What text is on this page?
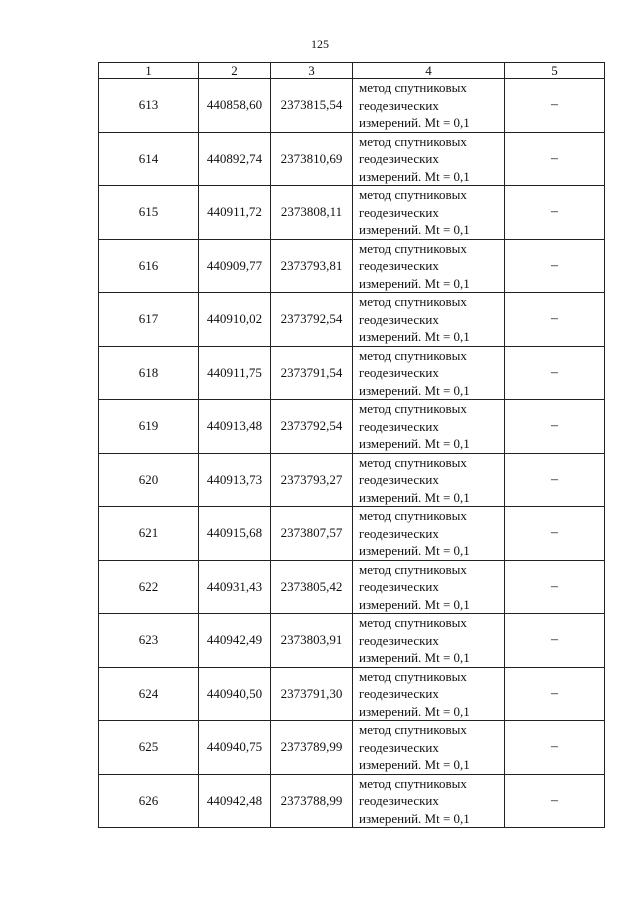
125
1	2	3	4	5
613	440858,60	2373815,54	метод спутниковых
геодезических
измерений. Mt = 0,1	–
614	440892,74	2373810,69	метод спутниковых
геодезических
измерений. Mt = 0,1	–
615	440911,72	2373808,11	метод спутниковых
геодезических
измерений. Mt = 0,1	–
616	440909,77	2373793,81	метод спутниковых
геодезических
измерений. Mt = 0,1	–
617	440910,02	2373792,54	метод спутниковых
геодезических
измерений. Mt = 0,1	–
618	440911,75	2373791,54	метод спутниковых
геодезических
измерений. Mt = 0,1	–
619	440913,48	2373792,54	метод спутниковых
геодезических
измерений. Mt = 0,1	–
620	440913,73	2373793,27	метод спутниковых
геодезических
измерений. Mt = 0,1	–
621	440915,68	2373807,57	метод спутниковых
геодезических
измерений. Mt = 0,1	–
622	440931,43	2373805,42	метод спутниковых
геодезических
измерений. Mt = 0,1	–
623	440942,49	2373803,91	метод спутниковых
геодезических
измерений. Mt = 0,1	–
624	440940,50	2373791,30	метод спутниковых
геодезических
измерений. Mt = 0,1	–
625	440940,75	2373789,99	метод спутниковых
геодезических
измерений. Mt = 0,1	–
626	440942,48	2373788,99	метод спутниковых
геодезических
измерений. Mt = 0,1	–
